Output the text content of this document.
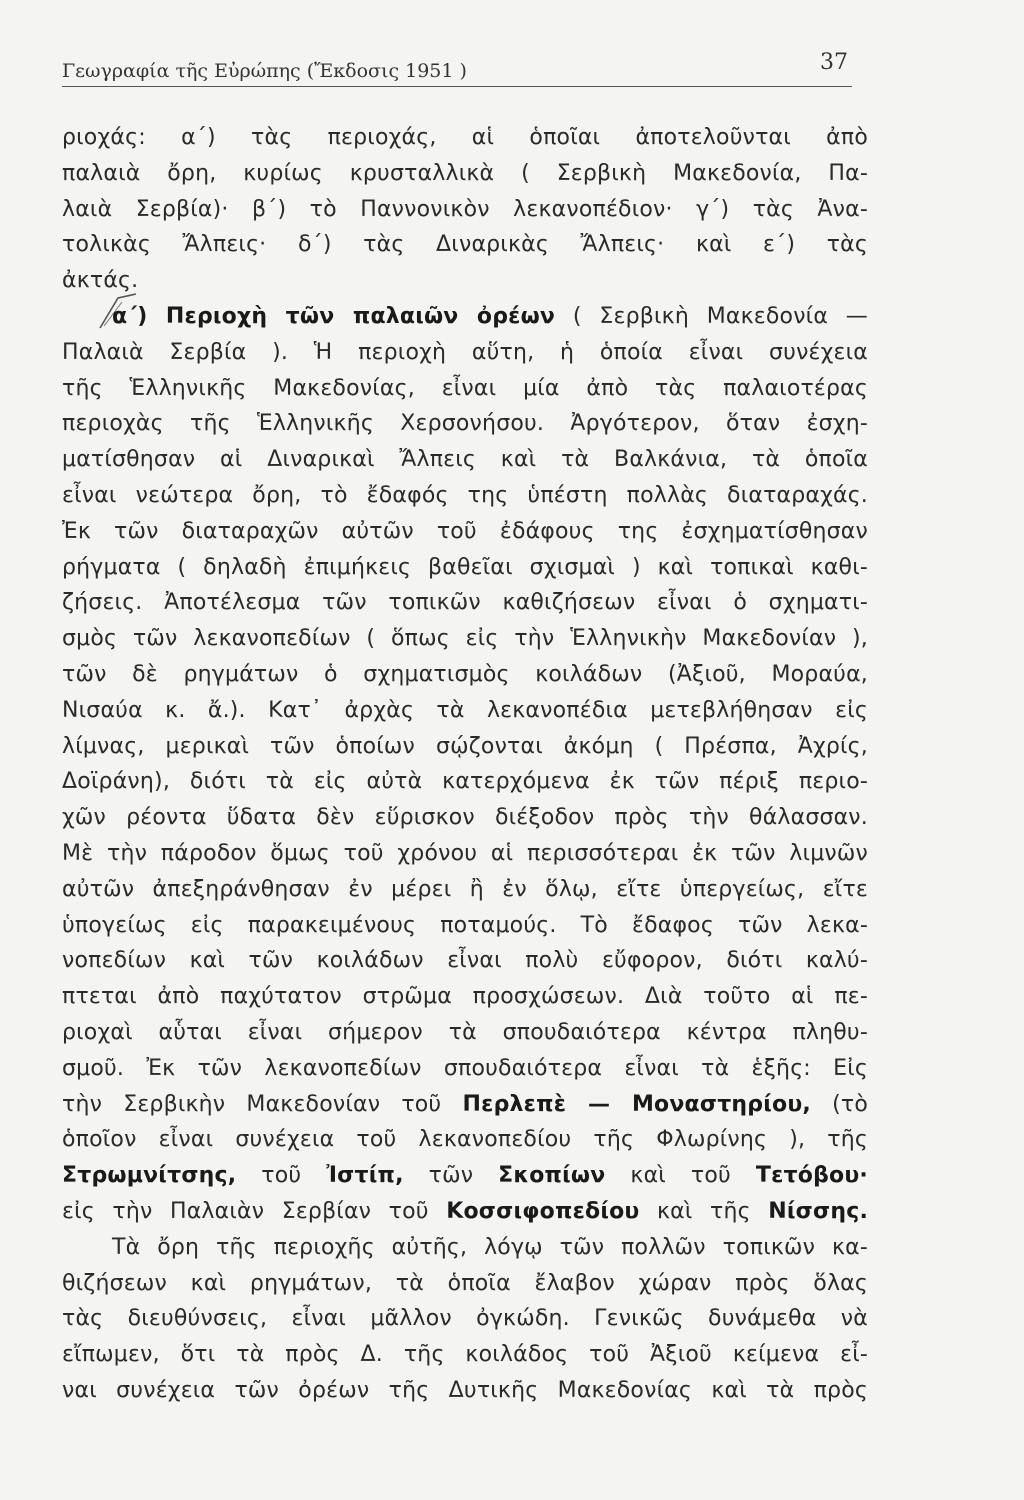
Γεωγραφία τῆς Εὐρώπης (Ἔκδοσις 1951 )	37
ριοχάς: α΄) τὰς περιοχάς, αἱ ὁποῖαι ἀποτελοῦνται ἀπὸ
παλαιὰ ὄρη, κυρίως κρυσταλλικὰ ( Σερβικὴ Μακεδονία, Πα-
λαιὰ Σερβία)· β΄) τὸ Παννονικὸν λεκανοπέδιον· γ΄) τὰς Ἀνα-
τολικὰς Ἄλπεις· δ΄) τὰς Διναρικὰς Ἄλπεις· καὶ ε΄) τὰς
ἀκτάς.
α΄) Περιοχὴ τῶν παλαιῶν ὀρέων ( Σερβικὴ Μακεδονία —
Παλαιὰ Σερβία ). Ἡ περιοχὴ αὕτη, ἡ ὁποία εἶναι συνέχεια
τῆς Ἑλληνικῆς Μακεδονίας, εἶναι μία ἀπὸ τὰς παλαιοτέρας
περιοχὰς τῆς Ἑλληνικῆς Χερσονήσου. Ἀργότερον, ὅταν ἐσχη-
ματίσθησαν αἱ Διναρικαὶ Ἄλπεις καὶ τὰ Βαλκάνια, τὰ ὁποῖα
εἶναι νεώτερα ὄρη, τὸ ἔδαφός της ὑπέστη πολλὰς διαταραχάς.
Ἐκ τῶν διαταραχῶν αὐτῶν τοῦ ἐδάφους της ἐσχηματίσθησαν
ρήγματα ( δηλαδὴ ἐπιμήκεις βαθεῖαι σχισμαὶ ) καὶ τοπικαὶ καθι-
ζήσεις. Ἀποτέλεσμα τῶν τοπικῶν καθιζήσεων εἶναι ὁ σχηματι-
σμὸς τῶν λεκανοπεδίων ( ὅπως εἰς τὴν Ἑλληνικὴν Μακεδονίαν ),
τῶν δὲ ρηγμάτων ὁ σχηματισμὸς κοιλάδων (Ἀξιοῦ, Μοραύα,
Νισαύα κ. ἄ.). Κατ᾿ ἀρχὰς τὰ λεκανοπέδια μετεβλήθησαν εἰς
λίμνας, μερικαὶ τῶν ὁποίων σῴζονται ἀκόμη ( Πρέσπα, Ἀχρίς,
Δοϊράνη), διότι τὰ εἰς αὐτὰ κατερχόμενα ἐκ τῶν πέριξ περιο-
χῶν ρέοντα ὕδατα δὲν εὕρισκον διέξοδον πρὸς τὴν θάλασσαν.
Μὲ τὴν πάροδον ὅμως τοῦ χρόνου αἱ περισσότεραι ἐκ τῶν λιμνῶν
αὐτῶν ἀπεξηράνθησαν ἐν μέρει ἢ ἐν ὅλῳ, εἴτε ὑπεργείως, εἴτε
ὑπογείως εἰς παρακειμένους ποταμούς. Τὸ ἔδαφος τῶν λεκα-
νοπεδίων καὶ τῶν κοιλάδων εἶναι πολὺ εὔφορον, διότι καλύ-
πτεται ἀπὸ παχύτατον στρῶμα προσχώσεων. Διὰ τοῦτο αἱ πε-
ριοχαὶ αὗται εἶναι σήμερον τὰ σπουδαιότερα κέντρα πληθυ-
σμοῦ. Ἐκ τῶν λεκανοπεδίων σπουδαιότερα εἶναι τὰ ἑξῆς: Εἰς
τὴν Σερβικὴν Μακεδονίαν τοῦ Περλεπὲ — Μοναστηρίου, (τὸ
ὁποῖον εἶναι συνέχεια τοῦ λεκανοπεδίου τῆς Φλωρίνης ), τῆς
Στρωμνίτσης, τοῦ Ἰστίπ, τῶν Σκοπίων καὶ τοῦ Τετόβου·
εἰς τὴν Παλαιὰν Σερβίαν τοῦ Κοσσιφοπεδίου καὶ τῆς Νίσσης.
Τὰ ὄρη τῆς περιοχῆς αὐτῆς, λόγῳ τῶν πολλῶν τοπικῶν κα-
θιζήσεων καὶ ρηγμάτων, τὰ ὁποῖα ἔλαβον χώραν πρὸς ὅλας
τὰς διευθύνσεις, εἶναι μᾶλλον ὀγκώδη. Γενικῶς δυνάμεθα νὰ
εἴπωμεν, ὅτι τὰ πρὸς Δ. τῆς κοιλάδος τοῦ Ἀξιοῦ κείμενα εἶ-
ναι συνέχεια τῶν ὀρέων τῆς Δυτικῆς Μακεδονίας καὶ τὰ πρὸς
